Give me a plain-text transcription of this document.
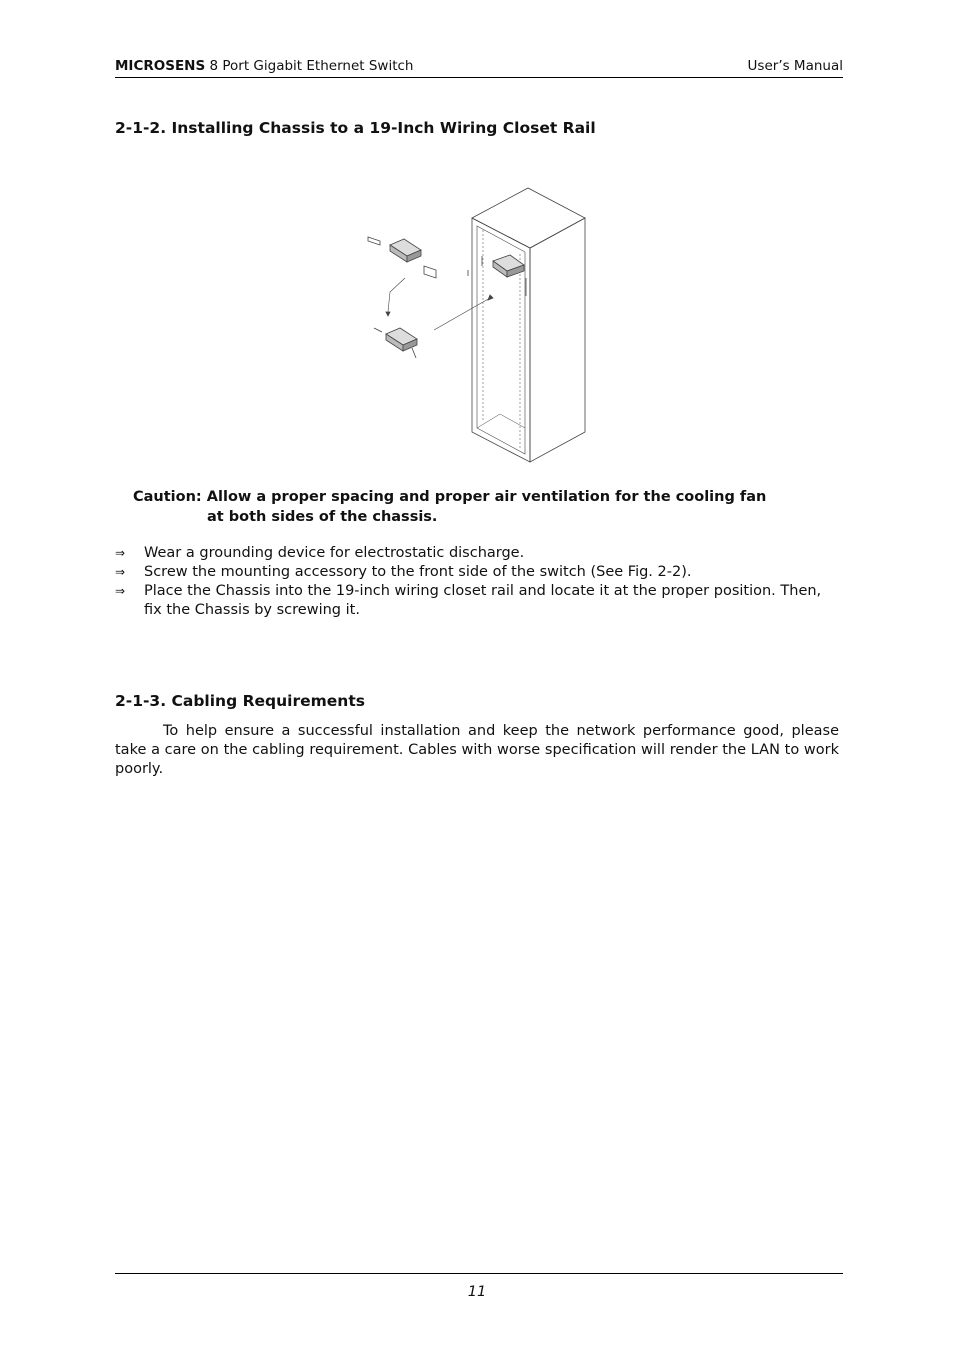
MICROSENS 8 Port Gigabit Ethernet Switch	User’s Manual
2-1-2. Installing Chassis to a 19-Inch Wiring Closet Rail
Caution: Allow a proper spacing and proper air ventilation for the cooling fan
at both sides of the chassis.
⇒ Wear a grounding device for electrostatic discharge.
⇒ Screw the mounting accessory to the front side of the switch (See Fig. 2-2).
⇒ Place the Chassis into the 19-inch wiring closet rail and locate it at the proper position. Then, fix the Chassis by screwing it.
2-1-3. Cabling Requirements
To help ensure a successful installation and keep the network performance good, please take a care on the cabling requirement. Cables with worse specification will render the LAN to work poorly.
11
